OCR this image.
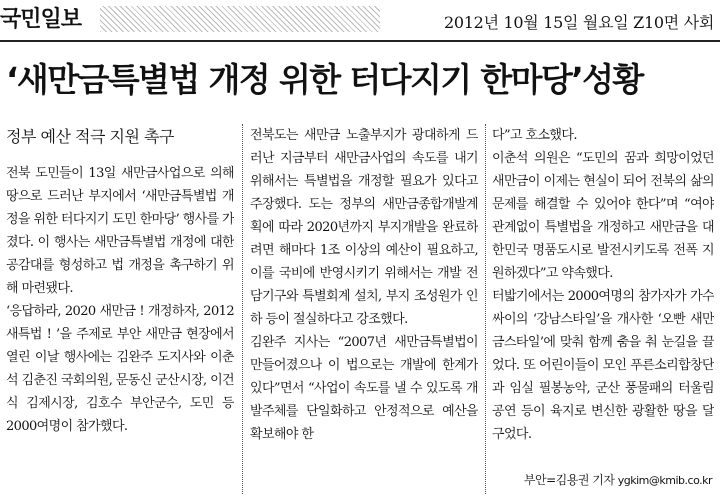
국민일보	2012년 10월 15일 월요일 Z10면 사회
‘새만금특별법 개정 위한 터다지기 한마당’성황
정부 예산 적극 지원 촉구

전북 도민들이 13일 새만금사업으로 의해 땅으로 드러난 부지에서 ‘새만금특별법 개정을 위한 터다지기 도민 한마당’ 행사를 가졌다. 이 행사는 새만금특별법 개정에 대한 공감대를 형성하고 법 개정을 촉구하기 위해 마련됐다.

‘응답하라, 2020 새만금 ! 개정하자, 2012 새특법 ! ’을 주제로 부안 새만금 현장에서 열린 이날 행사에는 김완주 도지사와 이춘석 김춘진 국회의원, 문동신 군산시장, 이건식 김제시장, 김호수 부안군수, 도민 등 2000여명이 참가했다.

전북도는 새만금 노출부지가 광대하게 드러난 지금부터 새만금사업의 속도를 내기 위해서는 특별법을 개정할 필요가 있다고 주장했다. 도는 정부의 새만금종합개발계획에 따라 2020년까지 부지개발을 완료하려면 해마다 1조 이상의 예산이 필요하고, 이를 국비에 반영시키기 위해서는 개발 전담기구와 특별회계 설치, 부지 조성원가 인하 등이 절실하다고 강조했다.

김완주 지사는 “2007년 새만금특별법이 만들어졌으나 이 법으로는 개발에 한계가 있다”면서 “사업이 속도를 낼 수 있도록 개발주체를 단일화하고 안정적으로 예산을 확보해야 한

다”고 호소했다.

이춘석 의원은 “도민의 꿈과 희망이었던 새만금이 이제는 현실이 되어 전북의 삶의 문제를 해결할 수 있어야 한다”며 “여야 관계없이 특별법을 개정하고 새만금을 대한민국 명품도시로 발전시키도록 전폭 지원하겠다”고 약속했다.

터밟기에서는 2000여명의 참가자가 가수 싸이의 ‘강남스타일’을 개사한 ‘오빤 새만금스타일’에 맞춰 함께 춤을 춰 눈길을 끌었다. 또 어린이들이 모인 푸른소리합창단과 임실 필봉농악, 군산 풍물패의 터울림 공연 등이 육지로 변신한 광활한 땅을 달구었다.

부안=김용권 기자 ygkim@kmib.co.kr
